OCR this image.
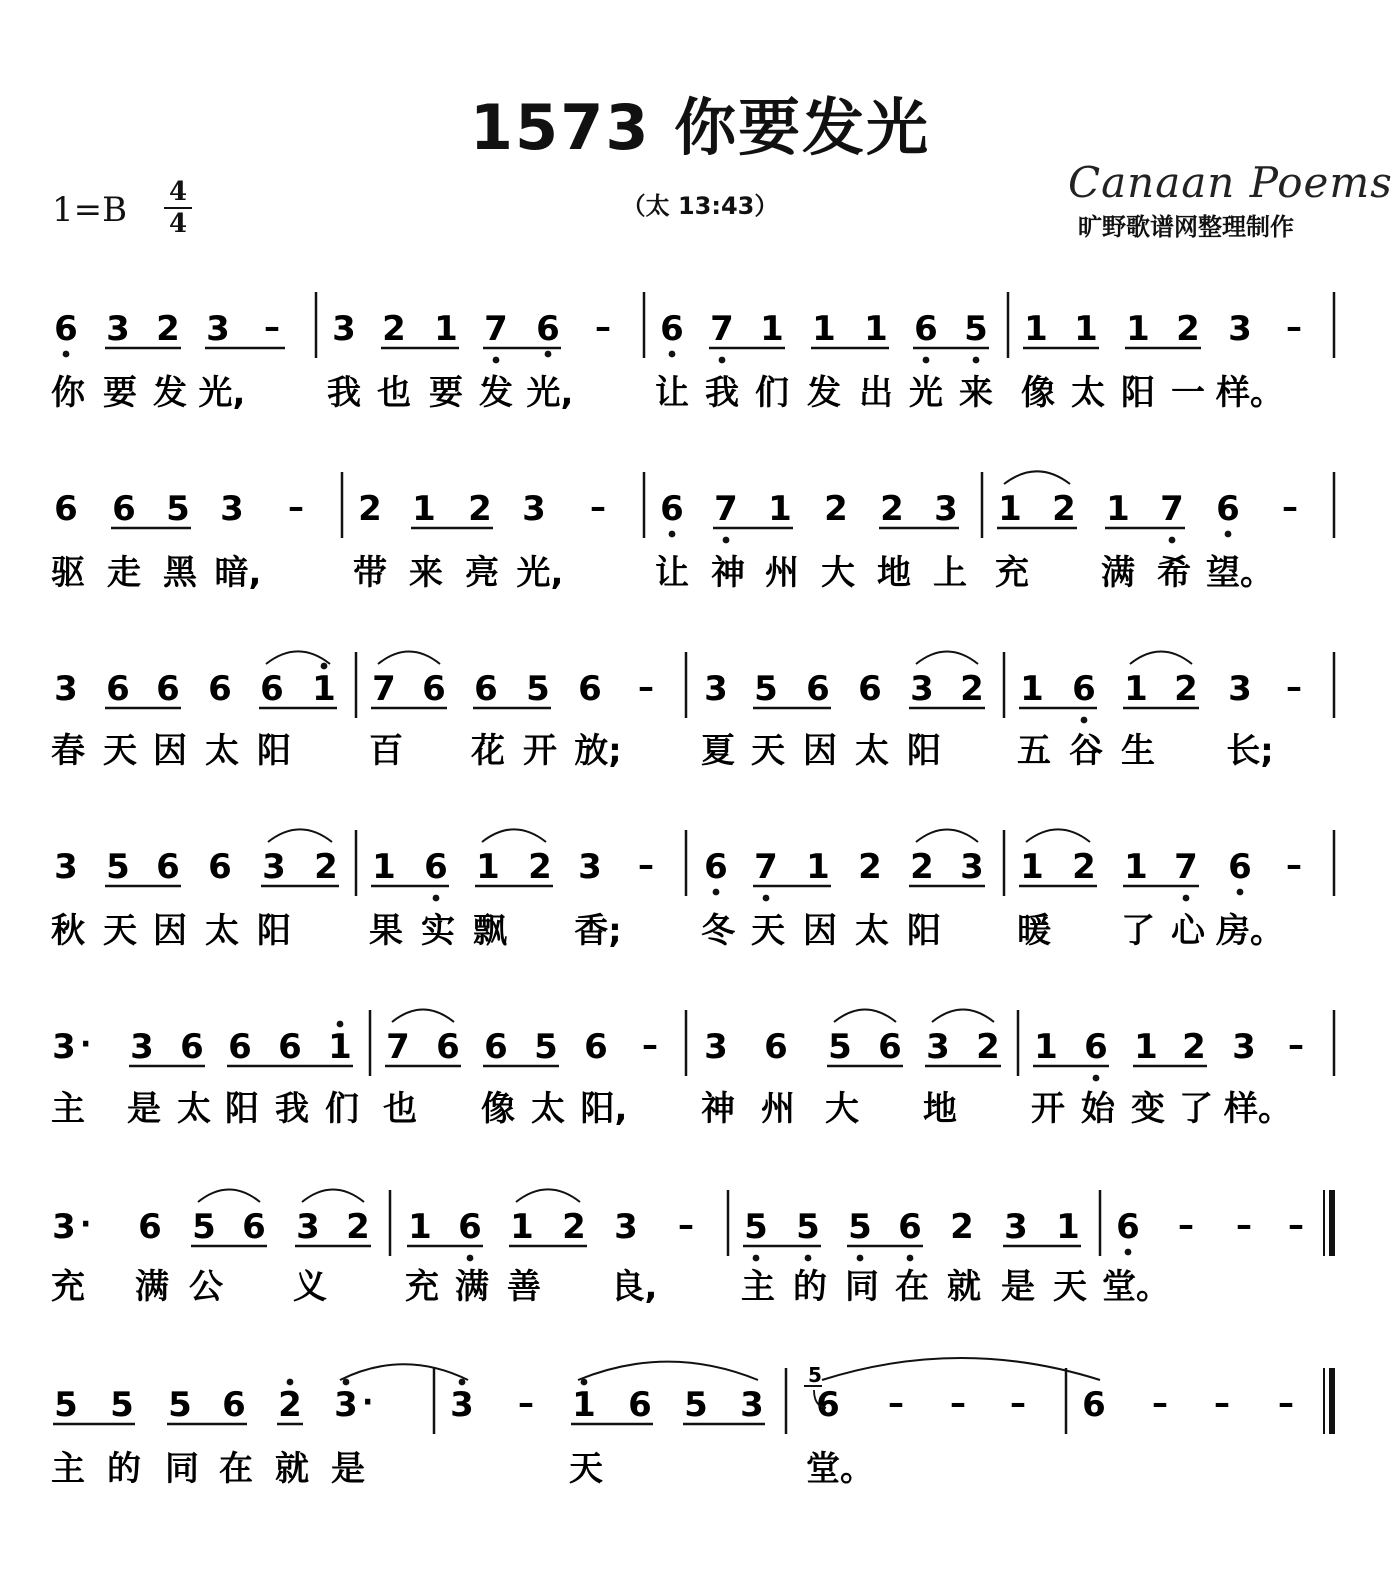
1573 你要发光
1=B	4
4
（太 13:43）	Canaan Poems
旷野歌谱网整理制作
6 3 2 3 – 3 2 1 7 6 – 6 7 1 1 1 6 5 1 1 1 2 3 –
你 要 发 光, 我 也 要 发 光, 让 我 们 发 出 光 来 像 太 阳 一 样。
6 6 5 3 – 2 1 2 3 – 6 7 1 2 2 3 1 2 1 7 6 –
驱 走 黑 暗,	带 来 亮 光,	让 神 州 大 地 上 充 满 希 望。
3 6 6 6 6 1 7 6 6 5 6 – 3 5 6 6 3 2 1 6 1 2 3 –
春 天 因 太 阳 百 花 开 放; 夏 天 因 太 阳 五 谷 生 长;
3 5 6 6 3 2 1 6 1 2 3 – 6 7 1 2 2 3 1 2 1 7 6 –
秋 天 因 太 阳 果 实 飘 香; 冬 天 因 太 阳 暖 了 心 房。
3 · 3 6 6 6 1 7 6 6 5 6 – 3 6 5 6 3 2 1 6 1 2 3 –
主 是 太 阳 我 们 也 像 太 阳, 神 州 大 地 开 始 变 了 样。
3 · 6 5 6 3 2 1 6 1 2 3 – 5 5 5 6 2 3 1 6 – – –
充 满 公 义 充 满 善 良, 主 的 同 在 就 是 天 堂。
5 5 5 6 2 3 · 3 – 1 6 5 3 6
5
– – – 6 – – –
主 的 同 在 就 是	天	堂。
